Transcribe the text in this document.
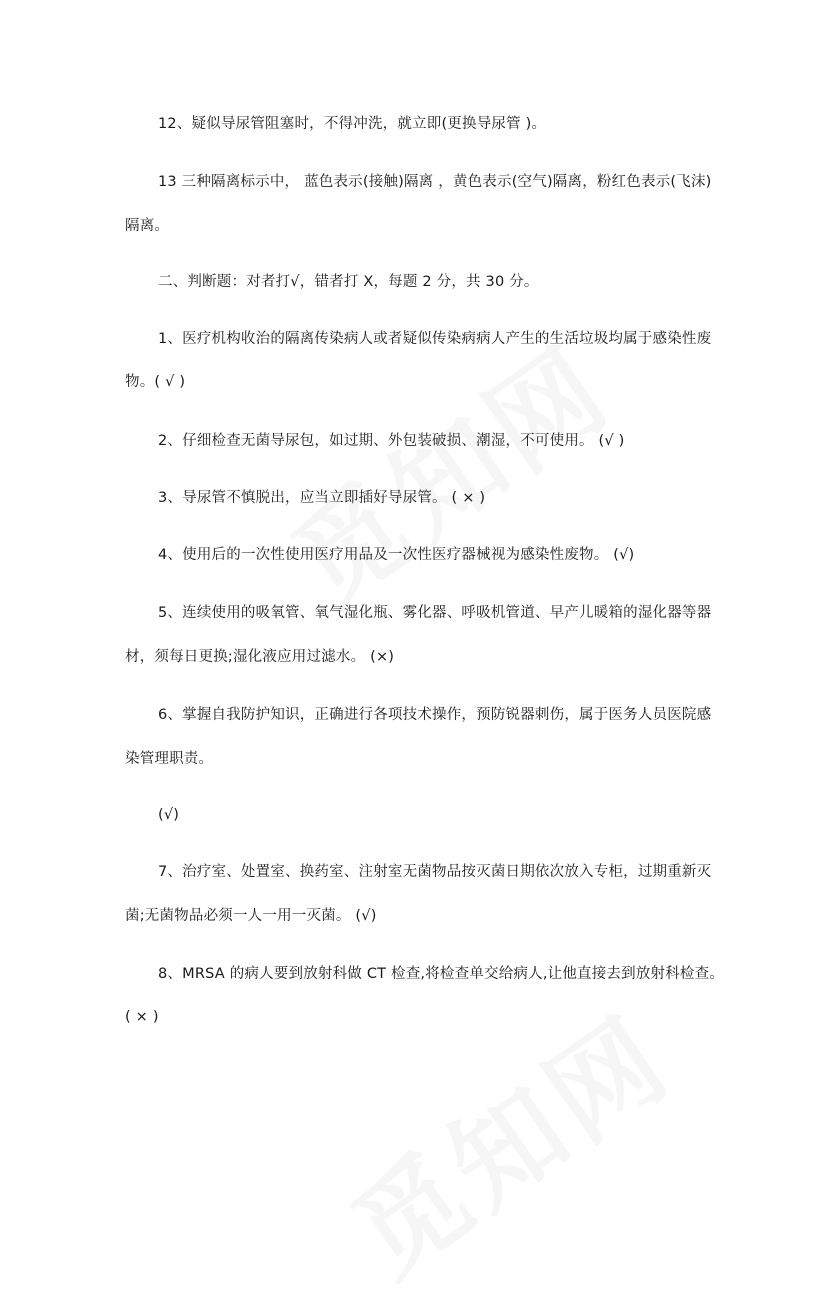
12、疑似导尿管阻塞时，不得冲洗，就立即(更换导尿管 )。
13 三种隔离标示中， 蓝色表示(接触)隔离 ，黄色表示(空气)隔离，粉红色表示(飞沫)
隔离。
二、判断题：对者打√，错者打 X，每题 2 分，共 30 分。
1、医疗机构收治的隔离传染病人或者疑似传染病病人产生的生活垃圾均属于感染性废
物。( √ )
2、仔细检查无菌导尿包，如过期、外包装破损、潮湿，不可使用。 (√ )
3、导尿管不慎脱出，应当立即插好导尿管。 ( × )
4、使用后的一次性使用医疗用品及一次性医疗器械视为感染性废物。 (√)
5、连续使用的吸氧管、氧气湿化瓶、雾化器、呼吸机管道、早产儿暖箱的湿化器等器
材，须每日更换;湿化液应用过滤水。 (×)
6、掌握自我防护知识，正确进行各项技术操作，预防锐器刺伤，属于医务人员医院感
染管理职责。
(√)
7、治疗室、处置室、换药室、注射室无菌物品按灭菌日期依次放入专柜，过期重新灭
菌;无菌物品必须一人一用一灭菌。 (√)
8、MRSA 的病人要到放射科做 CT 检查,将检查单交给病人,让他直接去到放射科检查。
( × )
